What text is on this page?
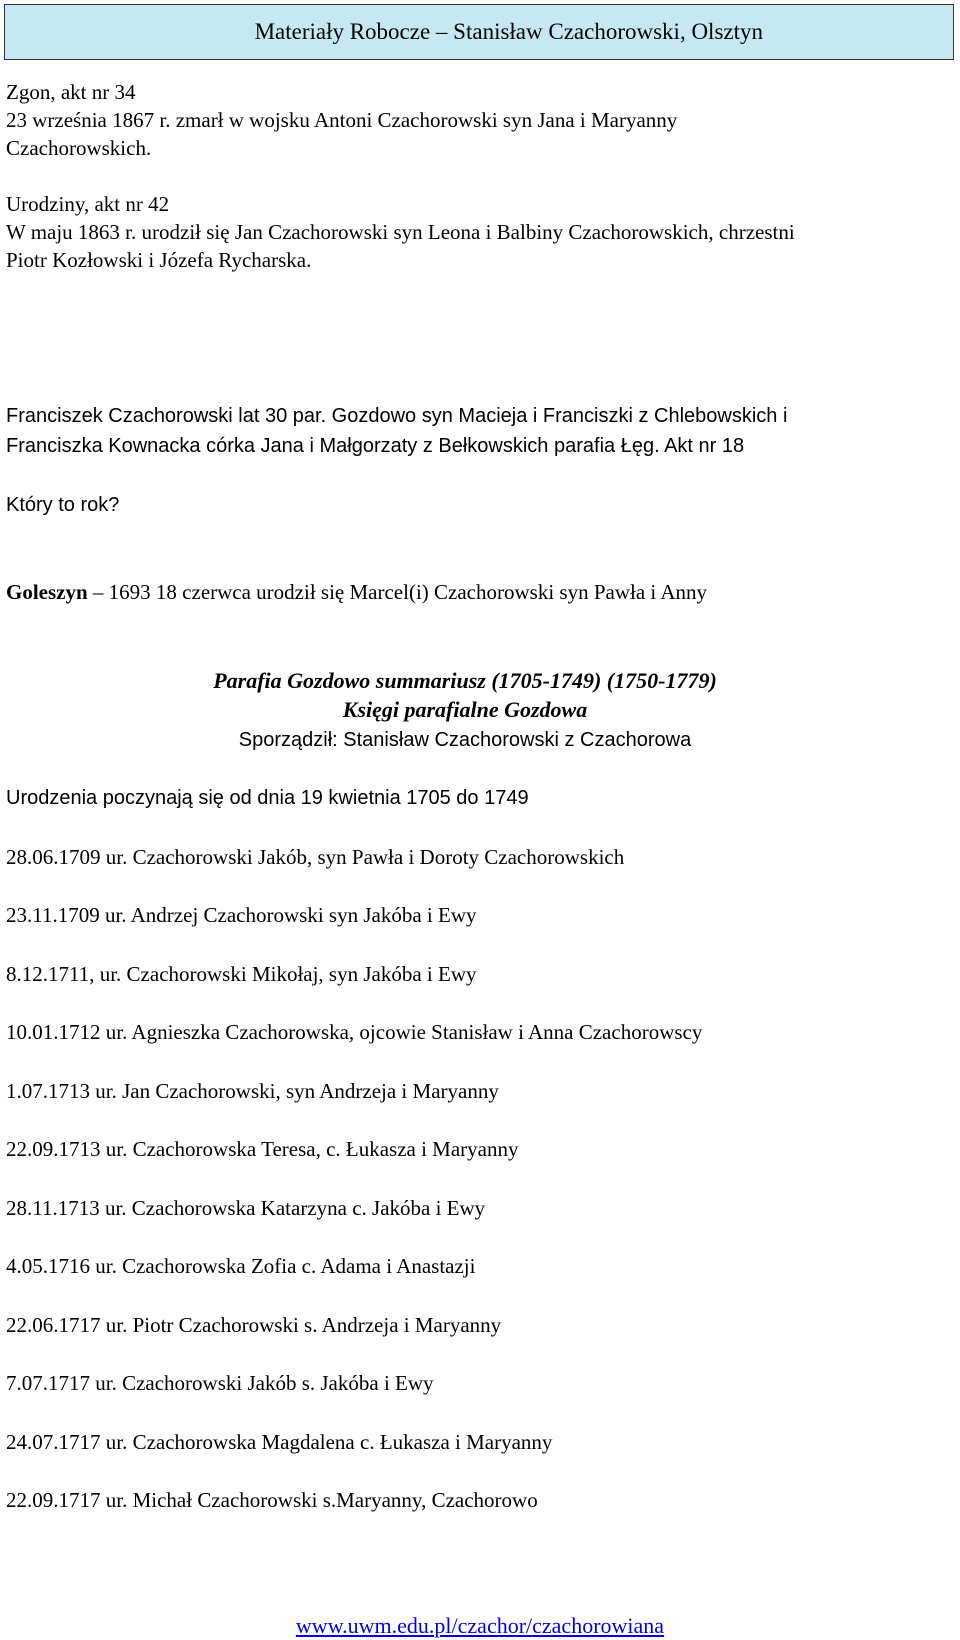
Materiały Robocze – Stanisław Czachorowski, Olsztyn
Zgon, akt nr 34
23 września 1867 r. zmarł w wojsku Antoni Czachorowski syn Jana i Maryanny
Czachorowskich.
Urodziny, akt nr 42
W maju 1863 r. urodził się Jan Czachorowski syn Leona i Balbiny Czachorowskich, chrzestni
Piotr Kozłowski i Józefa Rycharska.
Franciszek Czachorowski lat 30 par. Gozdowo syn Macieja i Franciszki z Chlebowskich i
Franciszka Kownacka córka Jana i Małgorzaty z Bełkowskich parafia Łęg. Akt nr 18
Który to rok?
Goleszyn – 1693 18 czerwca urodził się Marcel(i) Czachorowski syn Pawła i Anny
Parafia Gozdowo summariusz (1705-1749) (1750-1779)
Księgi parafialne Gozdowa
Sporządził: Stanisław Czachorowski z Czachorowa
Urodzenia poczynają się od dnia 19 kwietnia 1705 do 1749
28.06.1709 ur. Czachorowski Jakób, syn Pawła i Doroty Czachorowskich
23.11.1709 ur. Andrzej Czachorowski syn Jakóba i Ewy
8.12.1711, ur. Czachorowski Mikołaj, syn Jakóba i Ewy
10.01.1712 ur. Agnieszka Czachorowska, ojcowie Stanisław i Anna Czachorowscy
1.07.1713 ur. Jan Czachorowski, syn Andrzeja i Maryanny
22.09.1713 ur. Czachorowska Teresa, c. Łukasza i Maryanny
28.11.1713 ur. Czachorowska Katarzyna c. Jakóba i Ewy
4.05.1716 ur. Czachorowska Zofia c. Adama i Anastazji
22.06.1717 ur. Piotr Czachorowski s. Andrzeja i Maryanny
7.07.1717 ur. Czachorowski Jakób s. Jakóba i Ewy
24.07.1717 ur. Czachorowska Magdalena c. Łukasza i Maryanny
22.09.1717 ur. Michał Czachorowski s.Maryanny, Czachorowo
www.uwm.edu.pl/czachor/czachorowiana
